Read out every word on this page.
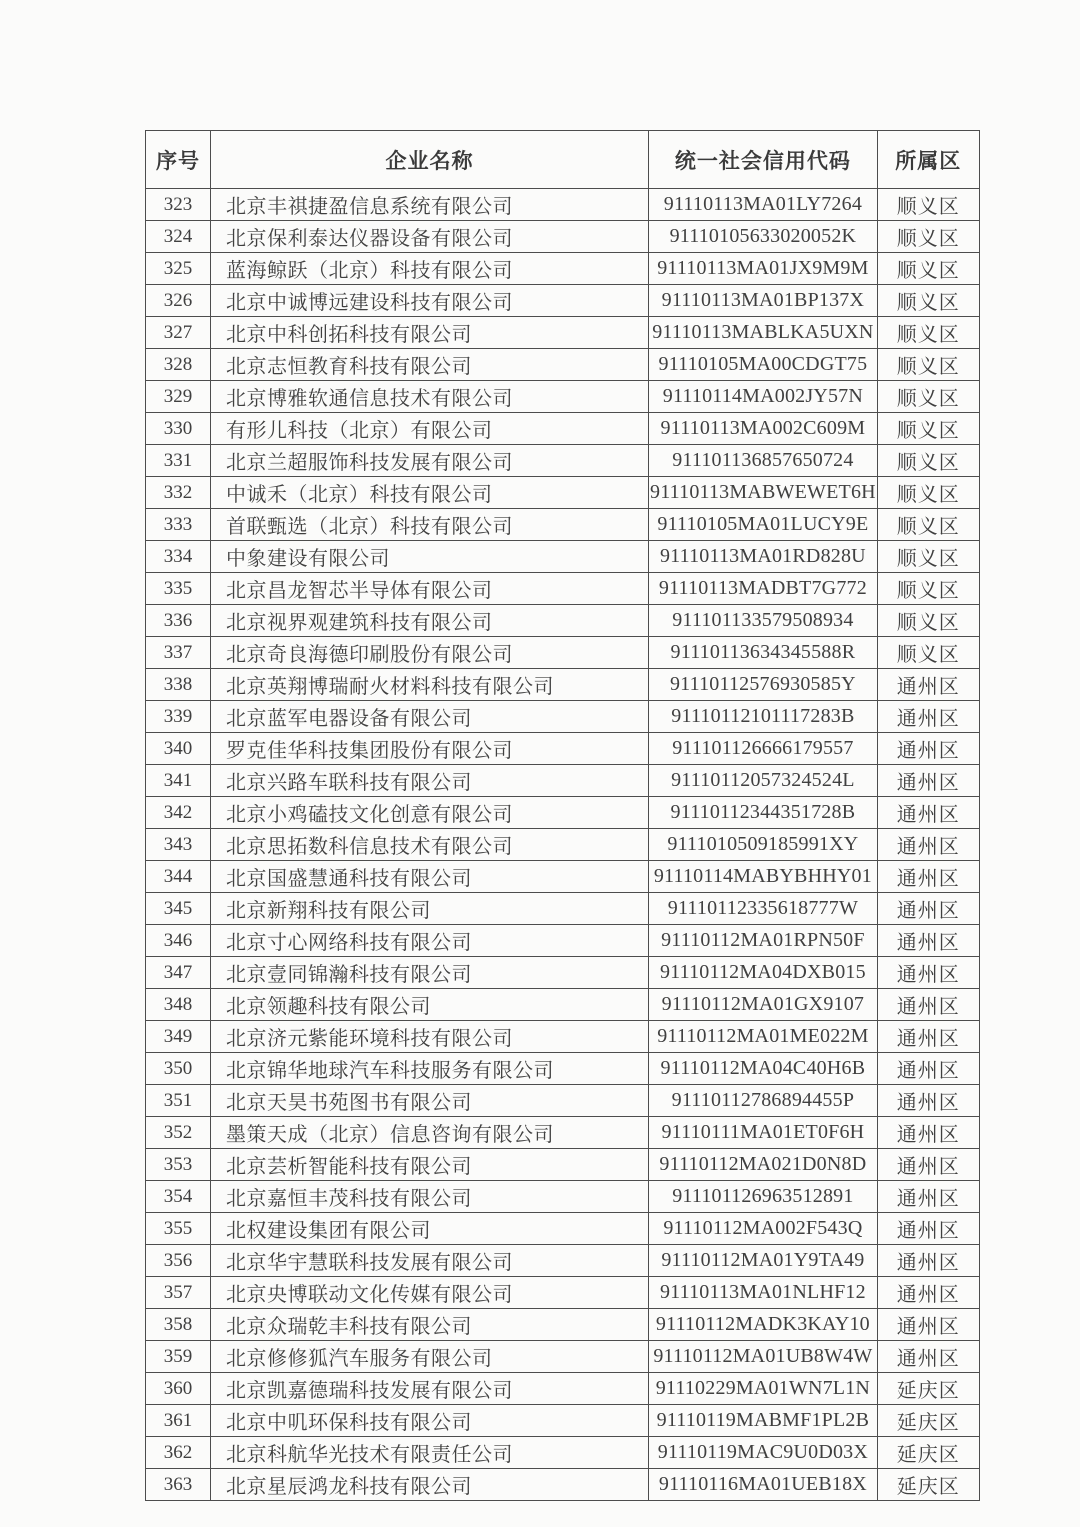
序号	企业名称	统一社会信用代码	所属区
323	北京丰祺捷盈信息系统有限公司	91110113MA01LY7264	顺义区
324	北京保利泰达仪器设备有限公司	91110105633020052K	顺义区
325	蓝海鲸跃（北京）科技有限公司	91110113MA01JX9M9M	顺义区
326	北京中诚博远建设科技有限公司	91110113MA01BP137X	顺义区
327	北京中科创拓科技有限公司	91110113MABLKA5UXN	顺义区
328	北京志恒教育科技有限公司	91110105MA00CDGT75	顺义区
329	北京博雅软通信息技术有限公司	91110114MA002JY57N	顺义区
330	有形儿科技（北京）有限公司	91110113MA002C609M	顺义区
331	北京兰超服饰科技发展有限公司	911101136857650724	顺义区
332	中诚禾（北京）科技有限公司	91110113MABWEWET6H	顺义区
333	首联甄选（北京）科技有限公司	91110105MA01LUCY9E	顺义区
334	中象建设有限公司	91110113MA01RD828U	顺义区
335	北京昌龙智芯半导体有限公司	91110113MADBT7G772	顺义区
336	北京视界观建筑科技有限公司	911101133579508934	顺义区
337	北京奇良海德印刷股份有限公司	91110113634345588R	顺义区
338	北京英翔博瑞耐火材料科技有限公司	91110112576930585Y	通州区
339	北京蓝军电器设备有限公司	91110112101117283B	通州区
340	罗克佳华科技集团股份有限公司	911101126666179557	通州区
341	北京兴路车联科技有限公司	91110112057324524L	通州区
342	北京小鸡磕技文化创意有限公司	91110112344351728B	通州区
343	北京思拓数科信息技术有限公司	9111010509185991XY	通州区
344	北京国盛慧通科技有限公司	91110114MABYBHHY01	通州区
345	北京新翔科技有限公司	91110112335618777W	通州区
346	北京寸心网络科技有限公司	91110112MA01RPN50F	通州区
347	北京壹同锦瀚科技有限公司	91110112MA04DXB015	通州区
348	北京领趣科技有限公司	91110112MA01GX9107	通州区
349	北京济元紫能环境科技有限公司	91110112MA01ME022M	通州区
350	北京锦华地球汽车科技服务有限公司	91110112MA04C40H6B	通州区
351	北京天昊书苑图书有限公司	91110112786894455P	通州区
352	墨策天成（北京）信息咨询有限公司	91110111MA01ET0F6H	通州区
353	北京芸析智能科技有限公司	91110112MA021D0N8D	通州区
354	北京嘉恒丰茂科技有限公司	911101126963512891	通州区
355	北权建设集团有限公司	91110112MA002F543Q	通州区
356	北京华宇慧联科技发展有限公司	91110112MA01Y9TA49	通州区
357	北京央博联动文化传媒有限公司	91110113MA01NLHF12	通州区
358	北京众瑞乾丰科技有限公司	91110112MADK3KAY10	通州区
359	北京修修狐汽车服务有限公司	91110112MA01UB8W4W	通州区
360	北京凯嘉德瑞科技发展有限公司	91110229MA01WN7L1N	延庆区
361	北京中叽环保科技有限公司	91110119MABMF1PL2B	延庆区
362	北京科航华光技术有限责任公司	91110119MAC9U0D03X	延庆区
363	北京星辰鸿龙科技有限公司	91110116MA01UEB18X	延庆区
